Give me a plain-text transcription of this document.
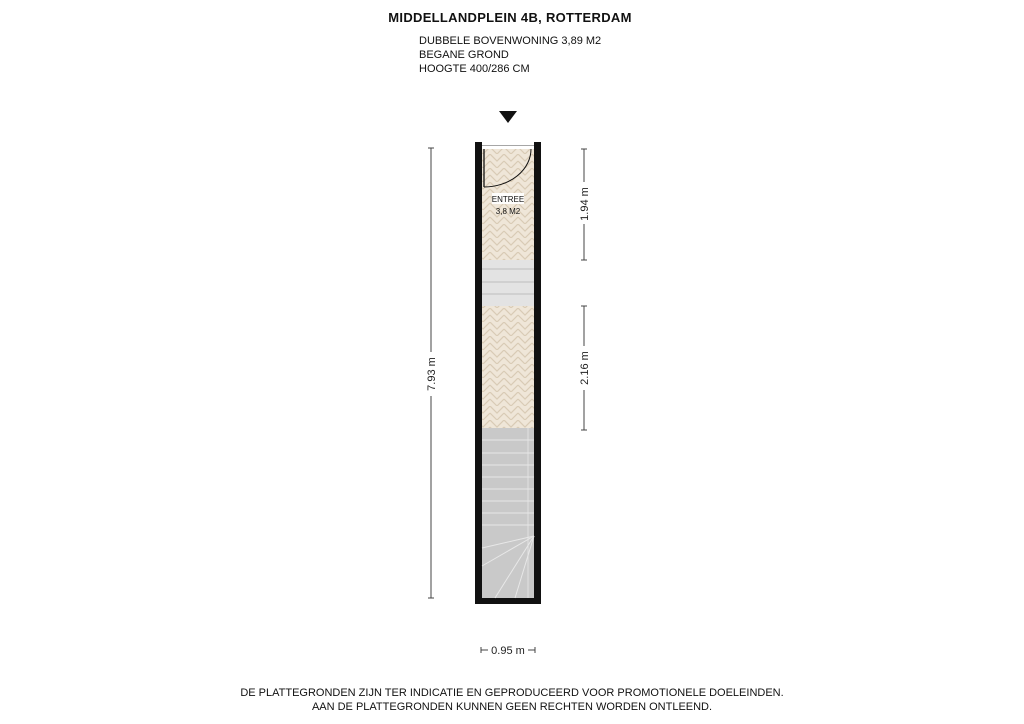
MIDDELLANDPLEIN 4B, ROTTERDAM
DUBBELE BOVENWONING 3,89 M2
BEGANE GROND
HOOGTE 400/286 CM
ENTREE
3,8 M2
7.93 m
1.94 m
2.16 m
0.95 m
DE PLATTEGRONDEN ZIJN TER INDICATIE EN GEPRODUCEERD VOOR PROMOTIONELE DOELEINDEN.
AAN DE PLATTEGRONDEN KUNNEN GEEN RECHTEN WORDEN ONTLEEND.
